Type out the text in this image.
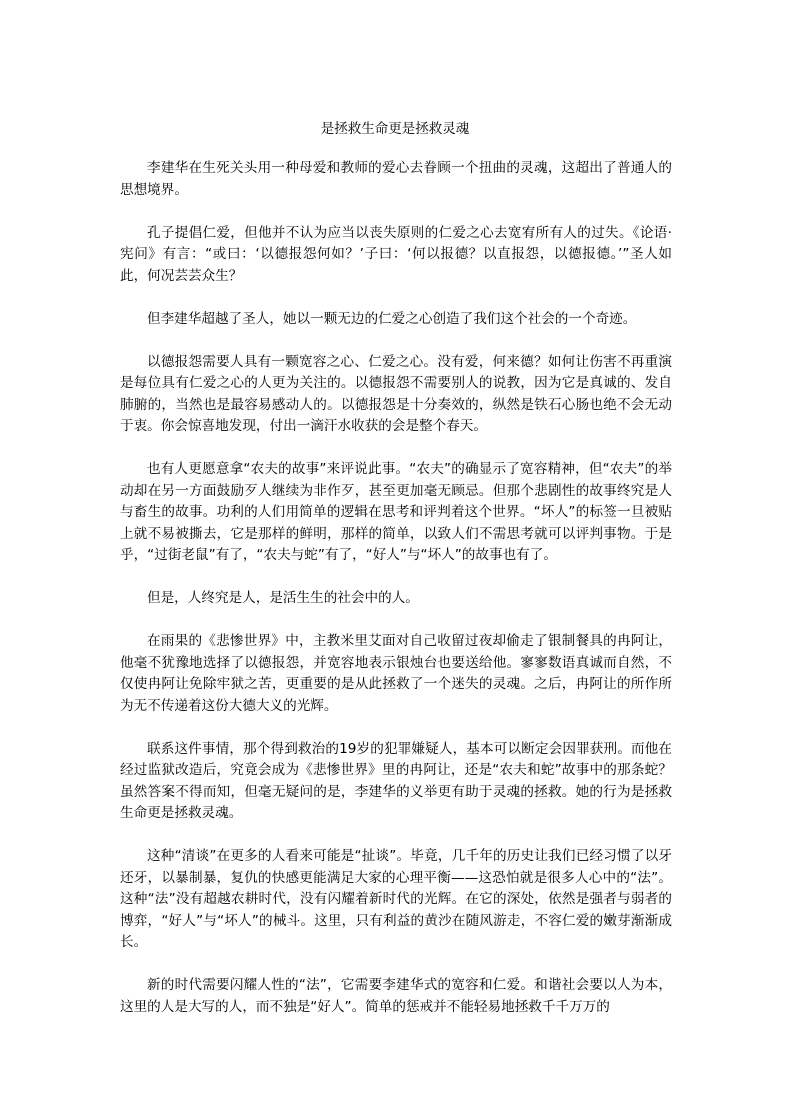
是拯救生命更是拯救灵魂

李建华在生死关头用一种母爱和教师的爱心去眷顾一个扭曲的灵魂，这超出了普通人的思想境界。

孔子提倡仁爱，但他并不认为应当以丧失原则的仁爱之心去宽宥所有人的过失。《论语·宪问》有言：“或曰：‘以德报怨何如？’子曰：‘何以报德？以直报怨，以德报德。’”圣人如此，何况芸芸众生？

但李建华超越了圣人，她以一颗无边的仁爱之心创造了我们这个社会的一个奇迹。

以德报怨需要人具有一颗宽容之心、仁爱之心。没有爱，何来德？如何让伤害不再重演是每位具有仁爱之心的人更为关注的。以德报怨不需要别人的说教，因为它是真诚的、发自肺腑的，当然也是最容易感动人的。以德报怨是十分奏效的，纵然是铁石心肠也绝不会无动于衷。你会惊喜地发现，付出一滴汗水收获的会是整个春天。

也有人更愿意拿“农夫的故事”来评说此事。“农夫”的确显示了宽容精神，但“农夫”的举动却在另一方面鼓励歹人继续为非作歹，甚至更加毫无顾忌。但那个悲剧性的故事终究是人与畜生的故事。功利的人们用简单的逻辑在思考和评判着这个世界。“坏人”的标签一旦被贴上就不易被撕去，它是那样的鲜明，那样的简单，以致人们不需思考就可以评判事物。于是乎，“过街老鼠”有了，“农夫与蛇”有了，“好人”与“坏人”的故事也有了。

但是，人终究是人，是活生生的社会中的人。

在雨果的《悲惨世界》中，主教米里艾面对自己收留过夜却偷走了银制餐具的冉阿让，他毫不犹豫地选择了以德报怨，并宽容地表示银烛台也要送给他。寥寥数语真诚而自然，不仅使冉阿让免除牢狱之苦，更重要的是从此拯救了一个迷失的灵魂。之后，冉阿让的所作所为无不传递着这份大德大义的光辉。

联系这件事情，那个得到救治的19岁的犯罪嫌疑人，基本可以断定会因罪获刑。而他在经过监狱改造后，究竟会成为《悲惨世界》里的冉阿让，还是“农夫和蛇”故事中的那条蛇？虽然答案不得而知，但毫无疑问的是，李建华的义举更有助于灵魂的拯救。她的行为是拯救生命更是拯救灵魂。

这种“清谈”在更多的人看来可能是“扯谈”。毕竟，几千年的历史让我们已经习惯了以牙还牙，以暴制暴，复仇的快感更能满足大家的心理平衡——这恐怕就是很多人心中的“法”。这种“法”没有超越农耕时代，没有闪耀着新时代的光辉。在它的深处，依然是强者与弱者的博弈，“好人”与“坏人”的械斗。这里，只有利益的黄沙在随风游走，不容仁爱的嫩芽渐渐成长。

新的时代需要闪耀人性的“法”，它需要李建华式的宽容和仁爱。和谐社会要以人为本，这里的人是大写的人，而不独是“好人”。简单的惩戒并不能轻易地拯救千千万万的
